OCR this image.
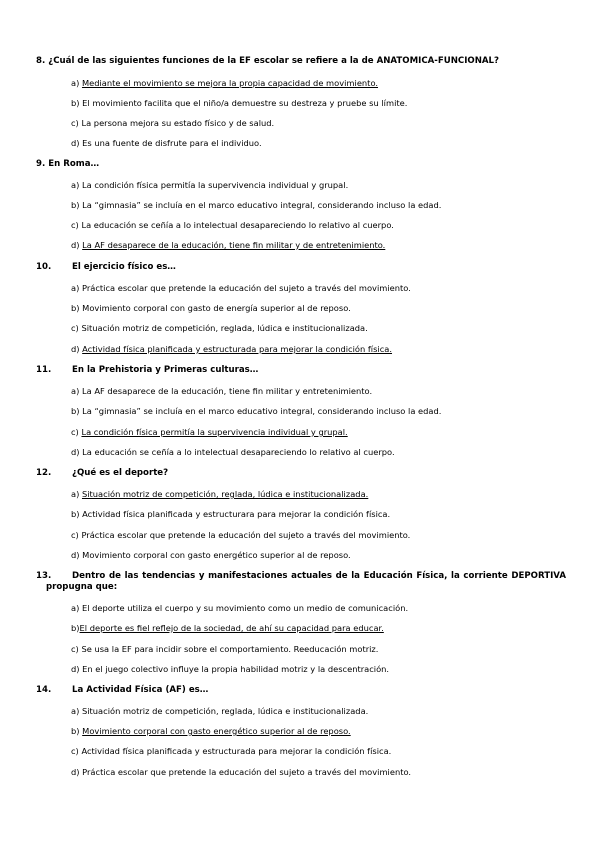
8. ¿Cuál de las siguientes funciones de la EF escolar se refiere a la de ANATOMICA-FUNCIONAL?

a) Mediante el movimiento se mejora la propia capacidad de movimiento.
b) El movimiento facilita que el niño/a demuestre su destreza y pruebe su límite.
c) La persona mejora su estado físico y de salud.
d) Es una fuente de disfrute para el individuo.

9. En Roma…

a) La condición física permitía la supervivencia individual y grupal.
b) La “gimnasia” se incluía en el marco educativo integral, considerando incluso la edad.
c) La educación se ceñía a lo intelectual desapareciendo lo relativo al cuerpo.
d) La AF desaparece de la educación, tiene fin militar y de entretenimiento.

10. El ejercicio físico es…

a) Práctica escolar que pretende la educación del sujeto a través del movimiento.
b) Movimiento corporal con gasto de energía superior al de reposo.
c) Situación motriz de competición, reglada, lúdica e institucionalizada.
d) Actividad física planificada y estructurada para mejorar la condición física.

11. En la Prehistoria y Primeras culturas…

a) La AF desaparece de la educación, tiene fin militar y entretenimiento.
b) La “gimnasia” se incluía en el marco educativo integral, considerando incluso la edad.
c) La condición física permitía la supervivencia individual y grupal.
d) La educación se ceñía a lo intelectual desapareciendo lo relativo al cuerpo.

12. ¿Qué es el deporte?

a) Situación motriz de competición, reglada, lúdica e institucionalizada.
b) Actividad física planificada y estructurara para mejorar la condición física.
c) Práctica escolar que pretende la educación del sujeto a través del movimiento.
d) Movimiento corporal con gasto energético superior al de reposo.

13. Dentro de las tendencias y manifestaciones actuales de la Educación Física, la corriente DEPORTIVA

propugna que:

a) El deporte utiliza el cuerpo y su movimiento como un medio de comunicación.
b)El deporte es fiel reflejo de la sociedad, de ahí su capacidad para educar.
c) Se usa la EF para incidir sobre el comportamiento. Reeducación motriz.
d) En el juego colectivo influye la propia habilidad motriz y la descentración.

14. La Actividad Física (AF) es…

a) Situación motriz de competición, reglada, lúdica e institucionalizada.
b) Movimiento corporal con gasto energético superior al de reposo.
c) Actividad física planificada y estructurada para mejorar la condición física.
d) Práctica escolar que pretende la educación del sujeto a través del movimiento.
